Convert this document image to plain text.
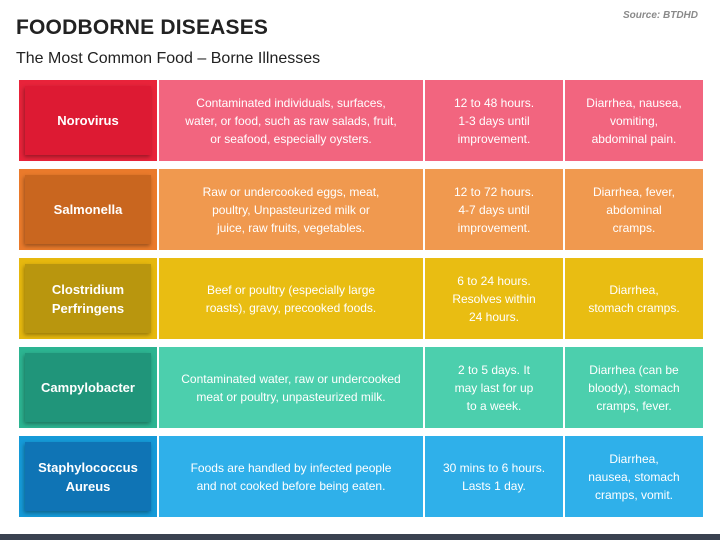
FOODBORNE DISEASES
The Most Common Food – Borne Illnesses
Source: BTDHD
Norovirus
Contaminated individuals, surfaces,
water, or food, such as raw salads, fruit,
or seafood, especially oysters.
12 to 48 hours.
1-3 days until
improvement.
Diarrhea, nausea,
vomiting,
abdominal pain.
Salmonella
Raw or undercooked eggs, meat,
poultry, Unpasteurized milk or
juice, raw fruits, vegetables.
12 to 72 hours.
4-7 days until
improvement.
Diarrhea, fever,
abdominal
cramps.
Clostridium
Perfringens
Beef or poultry (especially large
roasts), gravy, precooked foods.
6 to 24 hours.
Resolves within
24 hours.
Diarrhea,
stomach cramps.
Campylobacter
Contaminated water, raw or undercooked
meat or poultry, unpasteurized milk.
2 to 5 days. It
may last for up
to a week.
Diarrhea (can be
bloody), stomach
cramps, fever.
Staphylococcus
Aureus
Foods are handled by infected people
and not cooked before being eaten.
30 mins to 6 hours.
Lasts 1 day.
Diarrhea,
nausea, stomach
cramps, vomit.
